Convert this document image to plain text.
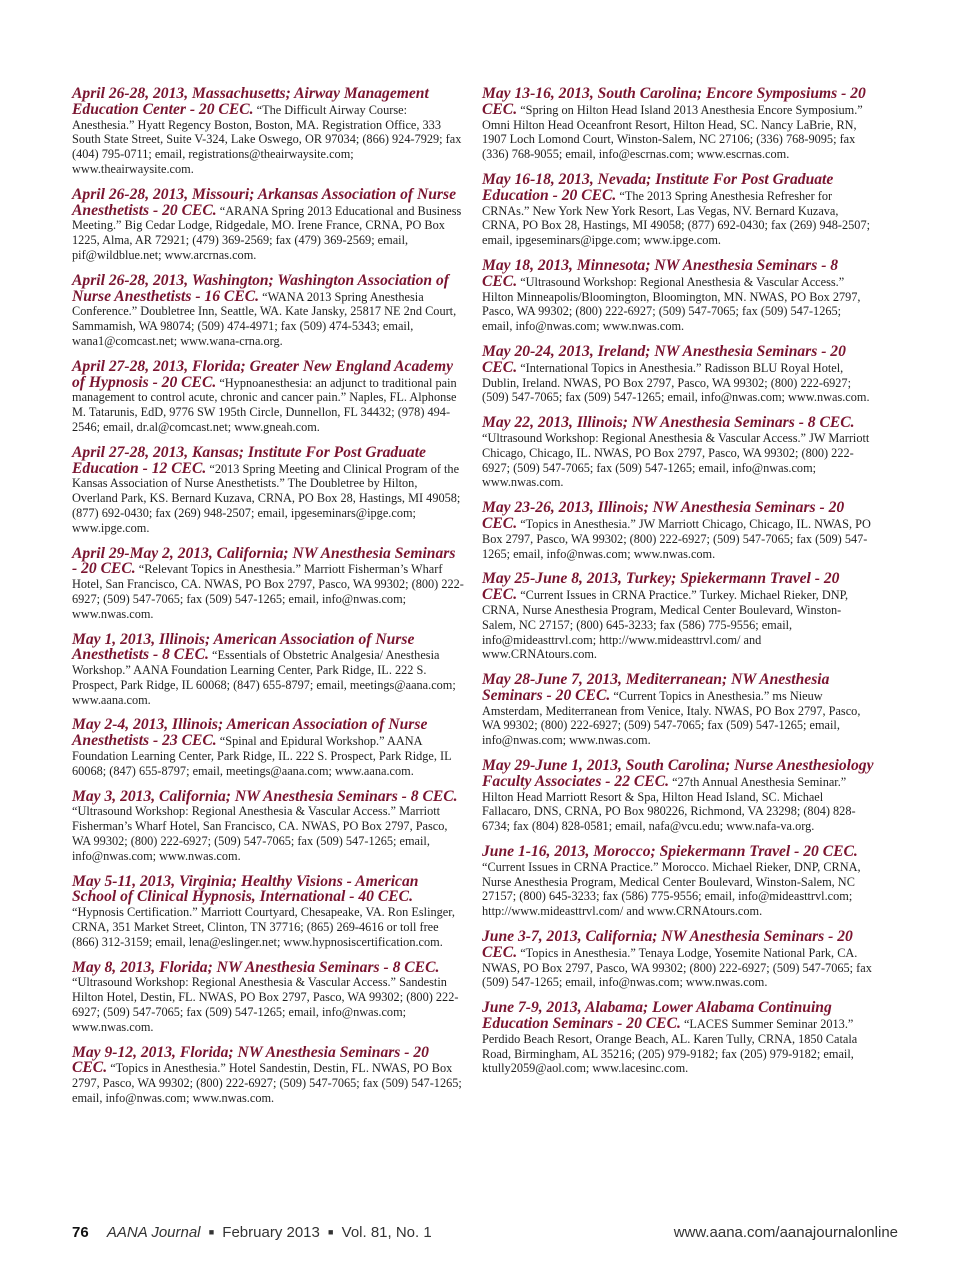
April 26-28, 2013, Massachusetts; Airway Management Education Center - 20 CEC. “The Difficult Airway Course: Anesthesia.” Hyatt Regency Boston, Boston, MA. Registration Office, 333 South State Street, Suite V-324, Lake Oswego, OR 97034; (866) 924-7929; fax (404) 795-0711; email, registrations@theairwaysite.com; www.theairwaysite.com.
April 26-28, 2013, Missouri; Arkansas Association of Nurse Anesthetists - 20 CEC. “ARANA Spring 2013 Educational and Business Meeting.” Big Cedar Lodge, Ridgedale, MO. Irene France, CRNA, PO Box 1225, Alma, AR 72921; (479) 369-2569; fax (479) 369-2569; email, pif@wildblue.net; www.arcrnas.com.
April 26-28, 2013, Washington; Washington Association of Nurse Anesthetists - 16 CEC. “WANA 2013 Spring Anesthesia Conference.” Doubletree Inn, Seattle, WA. Kate Jansky, 25817 NE 2nd Court, Sammamish, WA 98074; (509) 474-4971; fax (509) 474-5343; email, wana1@comcast.net; www.wana-crna.org.
April 27-28, 2013, Florida; Greater New England Academy of Hypnosis - 20 CEC. “Hypnoanesthesia: an adjunct to traditional pain management to control acute, chronic and cancer pain.” Naples, FL. Alphonse M. Tatarunis, EdD, 9776 SW 195th Circle, Dunnellon, FL 34432; (978) 494-2546; email, dr.al@comcast.net; www.gneah.com.
April 27-28, 2013, Kansas; Institute For Post Graduate Education - 12 CEC. “2013 Spring Meeting and Clinical Program of the Kansas Association of Nurse Anesthetists.” The Doubletree by Hilton, Overland Park, KS. Bernard Kuzava, CRNA, PO Box 28, Hastings, MI 49058; (877) 692-0430; fax (269) 948-2507; email, ipgeseminars@ipge.com; www.ipge.com.
April 29-May 2, 2013, California; NW Anesthesia Seminars - 20 CEC. “Relevant Topics in Anesthesia.” Marriott Fisherman’s Wharf Hotel, San Francisco, CA. NWAS, PO Box 2797, Pasco, WA 99302; (800) 222-6927; (509) 547-7065; fax (509) 547-1265; email, info@nwas.com; www.nwas.com.
May 1, 2013, Illinois; American Association of Nurse Anesthetists - 8 CEC. “Essentials of Obstetric Analgesia/ Anesthesia Workshop.” AANA Foundation Learning Center, Park Ridge, IL. 222 S. Prospect, Park Ridge, IL 60068; (847) 655-8797; email, meetings@aana.com; www.aana.com.
May 2-4, 2013, Illinois; American Association of Nurse Anesthetists - 23 CEC. “Spinal and Epidural Workshop.” AANA Foundation Learning Center, Park Ridge, IL. 222 S. Prospect, Park Ridge, IL 60068; (847) 655-8797; email, meetings@aana.com; www.aana.com.
May 3, 2013, California; NW Anesthesia Seminars - 8 CEC. “Ultrasound Workshop: Regional Anesthesia & Vascular Access.” Marriott Fisherman’s Wharf Hotel, San Francisco, CA. NWAS, PO Box 2797, Pasco, WA 99302; (800) 222-6927; (509) 547-7065; fax (509) 547-1265; email, info@nwas.com; www.nwas.com.
May 5-11, 2013, Virginia; Healthy Visions - American School of Clinical Hypnosis, International - 40 CEC. “Hypnosis Certification.” Marriott Courtyard, Chesapeake, VA. Ron Eslinger, CRNA, 351 Market Street, Clinton, TN 37716; (865) 269-4616 or toll free (866) 312-3159; email, lena@eslinger.net; www.hypnosiscertification.com.
May 8, 2013, Florida; NW Anesthesia Seminars - 8 CEC. “Ultrasound Workshop: Regional Anesthesia & Vascular Access.” Sandestin Hilton Hotel, Destin, FL. NWAS, PO Box 2797, Pasco, WA 99302; (800) 222-6927; (509) 547-7065; fax (509) 547-1265; email, info@nwas.com; www.nwas.com.
May 9-12, 2013, Florida; NW Anesthesia Seminars - 20 CEC. “Topics in Anesthesia.” Hotel Sandestin, Destin, FL. NWAS, PO Box 2797, Pasco, WA 99302; (800) 222-6927; (509) 547-7065; fax (509) 547-1265; email, info@nwas.com; www.nwas.com.
May 13-16, 2013, South Carolina; Encore Symposiums - 20 CEC. “Spring on Hilton Head Island 2013 Anesthesia Encore Symposium.” Omni Hilton Head Oceanfront Resort, Hilton Head, SC. Nancy LaBrie, RN, 1907 Loch Lomond Court, Winston-Salem, NC 27106; (336) 768-9095; fax (336) 768-9055; email, info@escrnas.com; www.escrnas.com.
May 16-18, 2013, Nevada; Institute For Post Graduate Education - 20 CEC. “The 2013 Spring Anesthesia Refresher for CRNAs.” New York New York Resort, Las Vegas, NV. Bernard Kuzava, CRNA, PO Box 28, Hastings, MI 49058; (877) 692-0430; fax (269) 948-2507; email, ipgeseminars@ipge.com; www.ipge.com.
May 18, 2013, Minnesota; NW Anesthesia Seminars - 8 CEC. “Ultrasound Workshop: Regional Anesthesia & Vascular Access.” Hilton Minneapolis/Bloomington, Bloomington, MN. NWAS, PO Box 2797, Pasco, WA 99302; (800) 222-6927; (509) 547-7065; fax (509) 547-1265; email, info@nwas.com; www.nwas.com.
May 20-24, 2013, Ireland; NW Anesthesia Seminars - 20 CEC. “International Topics in Anesthesia.” Radisson BLU Royal Hotel, Dublin, Ireland. NWAS, PO Box 2797, Pasco, WA 99302; (800) 222-6927; (509) 547-7065; fax (509) 547-1265; email, info@nwas.com; www.nwas.com.
May 22, 2013, Illinois; NW Anesthesia Seminars - 8 CEC. “Ultrasound Workshop: Regional Anesthesia & Vascular Access.” JW Marriott Chicago, Chicago, IL. NWAS, PO Box 2797, Pasco, WA 99302; (800) 222-6927; (509) 547-7065; fax (509) 547-1265; email, info@nwas.com; www.nwas.com.
May 23-26, 2013, Illinois; NW Anesthesia Seminars - 20 CEC. “Topics in Anesthesia.” JW Marriott Chicago, Chicago, IL. NWAS, PO Box 2797, Pasco, WA 99302; (800) 222-6927; (509) 547-7065; fax (509) 547-1265; email, info@nwas.com; www.nwas.com.
May 25-June 8, 2013, Turkey; Spiekermann Travel - 20 CEC. “Current Issues in CRNA Practice.” Turkey. Michael Rieker, DNP, CRNA, Nurse Anesthesia Program, Medical Center Boulevard, Winston-Salem, NC 27157; (800) 645-3233; fax (586) 775-9556; email, info@mideasttrvl.com; http://www.mideasttrvl.com/ and www.CRNAtours.com.
May 28-June 7, 2013, Mediterranean; NW Anesthesia Seminars - 20 CEC. “Current Topics in Anesthesia.” ms Nieuw Amsterdam, Mediterranean from Venice, Italy. NWAS, PO Box 2797, Pasco, WA 99302; (800) 222-6927; (509) 547-7065; fax (509) 547-1265; email, info@nwas.com; www.nwas.com.
May 29-June 1, 2013, South Carolina; Nurse Anesthesiology Faculty Associates - 22 CEC. “27th Annual Anesthesia Seminar.” Hilton Head Marriott Resort & Spa, Hilton Head Island, SC. Michael Fallacaro, DNS, CRNA, PO Box 980226, Richmond, VA 23298; (804) 828-6734; fax (804) 828-0581; email, nafa@vcu.edu; www.nafa-va.org.
June 1-16, 2013, Morocco; Spiekermann Travel - 20 CEC. “Current Issues in CRNA Practice.” Morocco. Michael Rieker, DNP, CRNA, Nurse Anesthesia Program, Medical Center Boulevard, Winston-Salem, NC 27157; (800) 645-3233; fax (586) 775-9556; email, info@mideasttrvl.com; http://www.mideasttrvl.com/ and www.CRNAtours.com.
June 3-7, 2013, California; NW Anesthesia Seminars - 20 CEC. “Topics in Anesthesia.” Tenaya Lodge, Yosemite National Park, CA. NWAS, PO Box 2797, Pasco, WA 99302; (800) 222-6927; (509) 547-7065; fax (509) 547-1265; email, info@nwas.com; www.nwas.com.
June 7-9, 2013, Alabama; Lower Alabama Continuing Education Seminars - 20 CEC. “LACES Summer Seminar 2013.” Perdido Beach Resort, Orange Beach, AL. Karen Tully, CRNA, 1850 Catala Road, Birmingham, AL 35216; (205) 979-9182; fax (205) 979-9182; email, ktully2059@aol.com; www.lacesinc.com.
76 AANA Journal ■ February 2013 ■ Vol. 81, No. 1	www.aana.com/aanajournalonline
